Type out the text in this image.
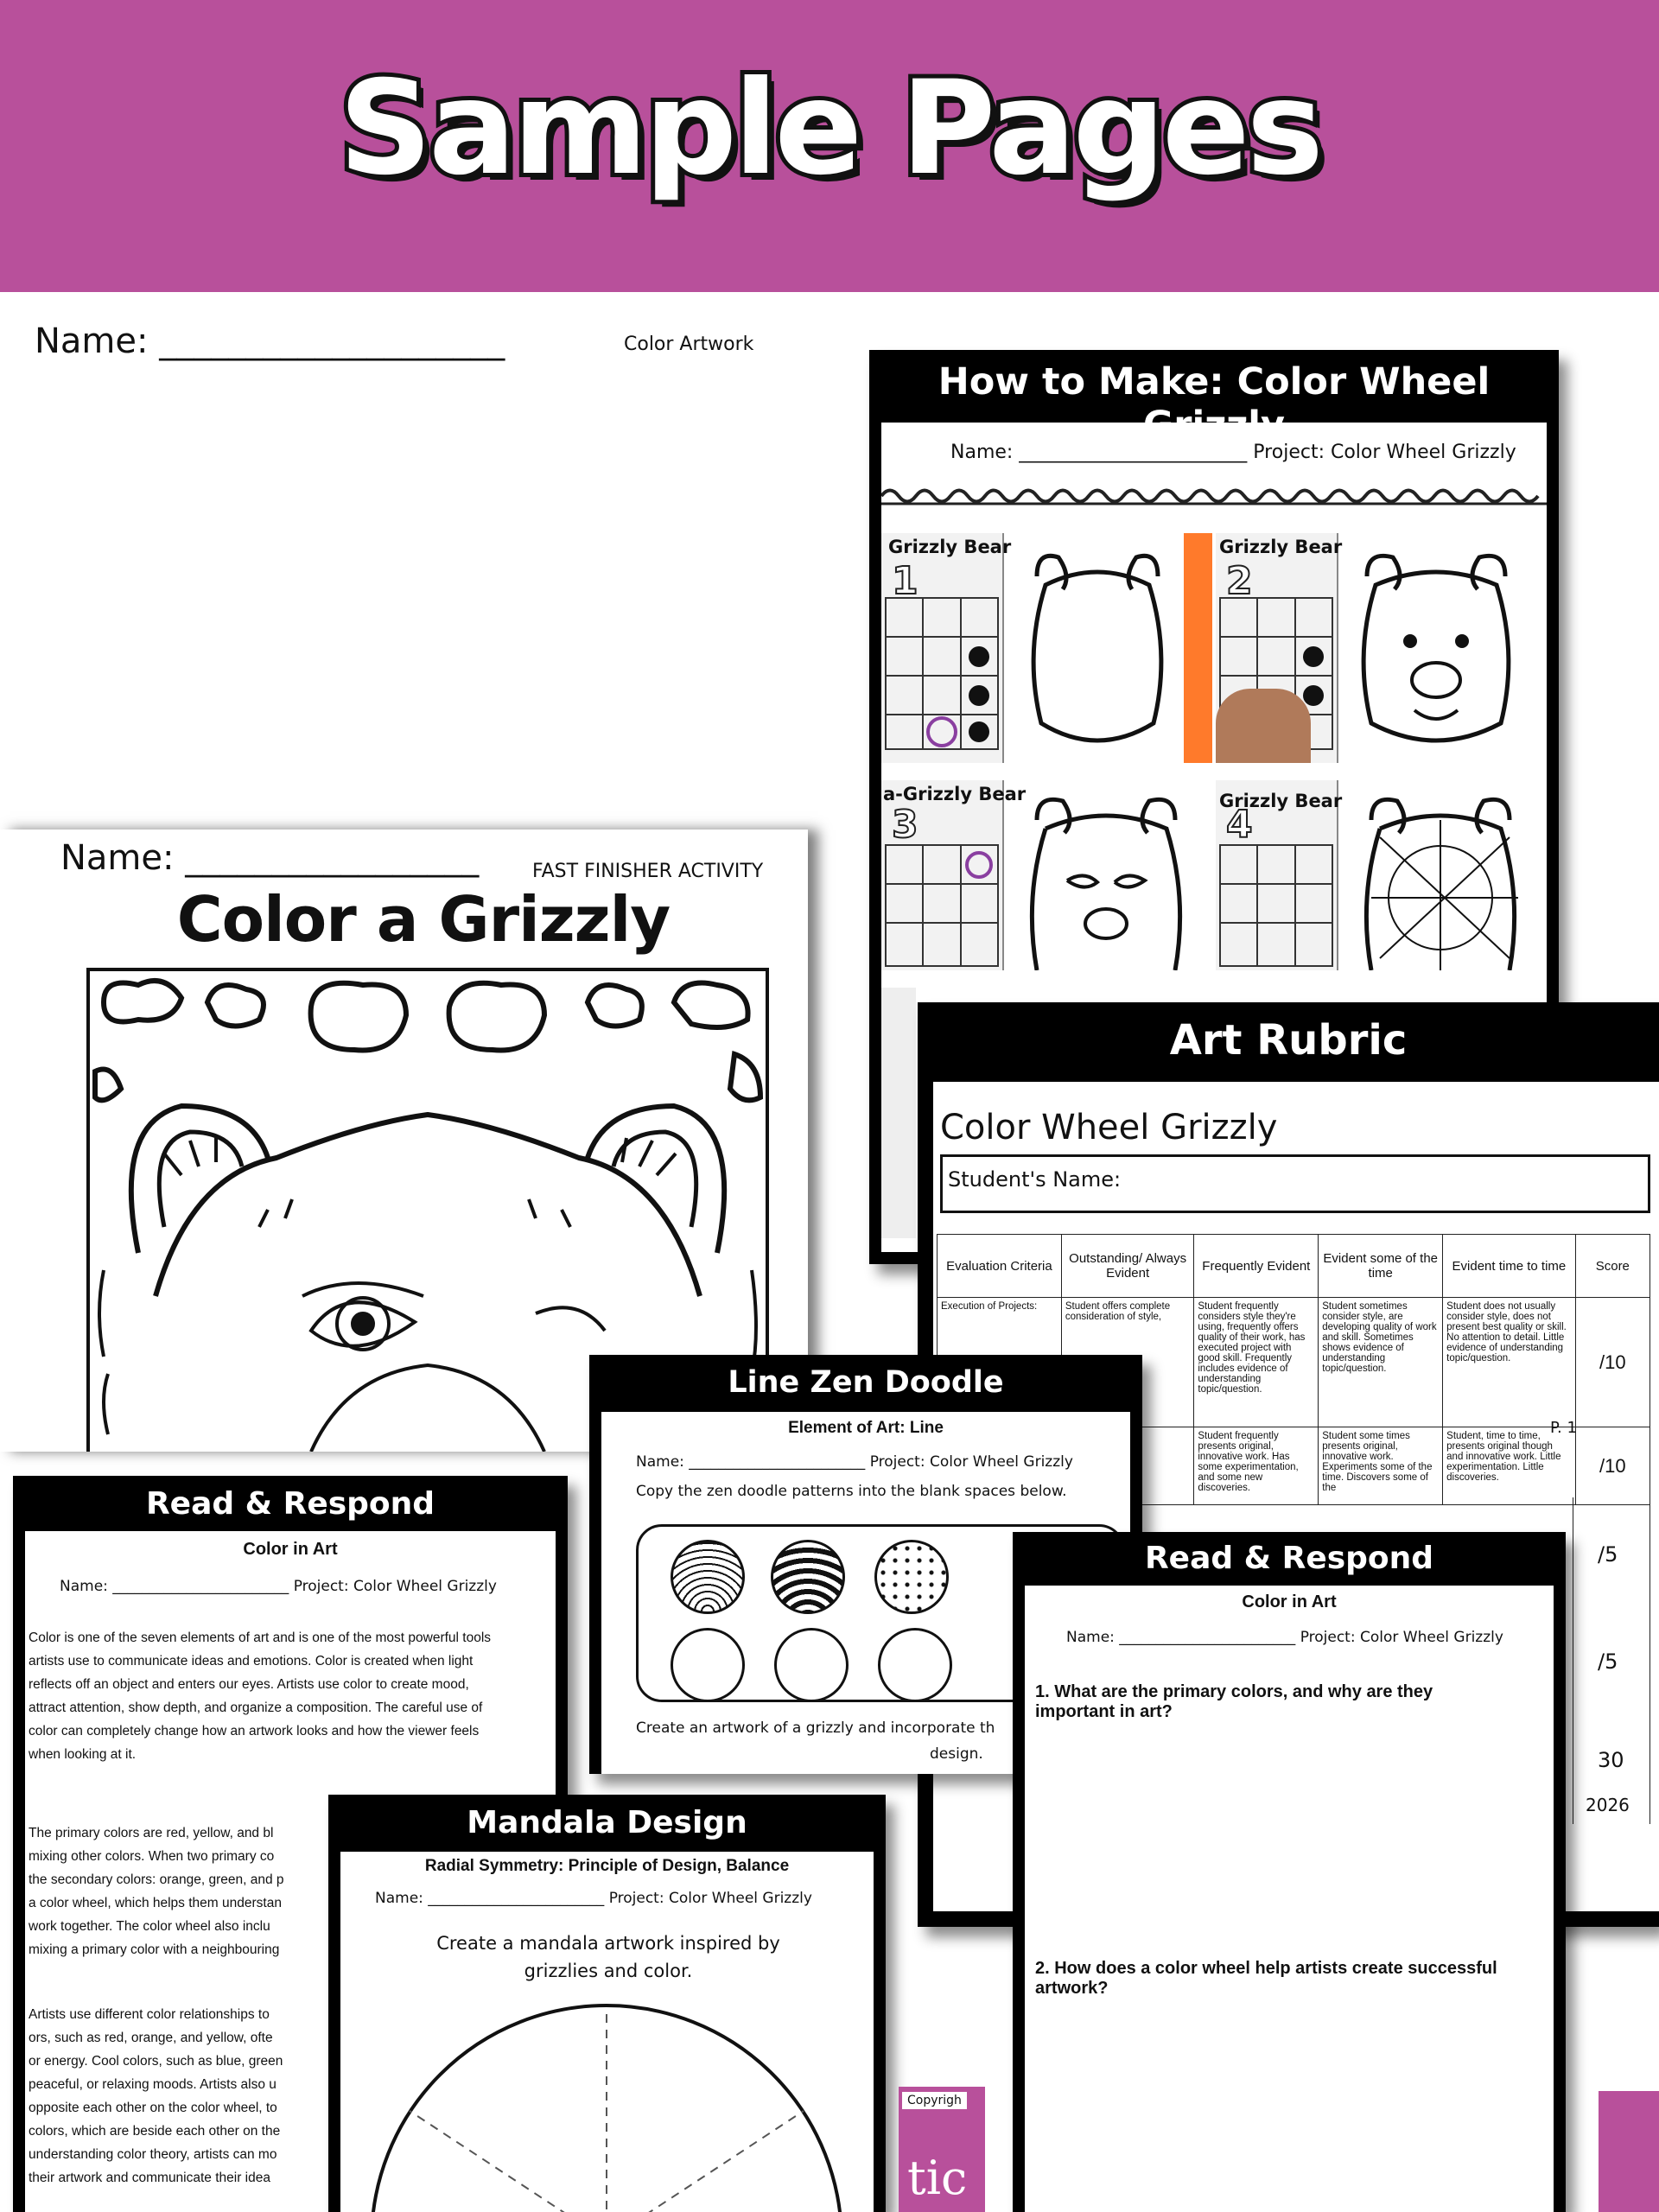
Sample Pages
Name: ____________________	Color Artwork
How to Make: Color Wheel
Name: ________________________ Project: Color Wheel Grizzly
Grizzly Bear
1
Grizzly Bear
2
a-Grizzly Bear
3
Grizzly Bear
4
Name: _________________	FAST FINISHER ACTIVITY
Color a Grizzly
Art Rubric
Color Wheel Grizzly
Student's Name:
Evaluation Criteria	Outstanding/ Always Evident	Frequently Evident	Evident some of the time	Evident time to time	Score
Execution of Projects:	Student offers complete consideration of style,	Student frequently considers style they're using, frequently offers quality of their work, has executed project with good skill. Frequently includes evidence of understanding topic/question.	Student sometimes consider style, are developing quality of work and skill. Sometimes shows evidence of understanding topic/question.	Student does not usually consider style, does not present best quality or skill. No attention to detail. Little evidence of understanding topic/question.	/10
		Student frequently presents original, innovative work. Has some experimentation, and some new discoveries.	Student some times presents original, innovative work. Experiments some of the time. Discovers some of the	Student, time to time, presents original though and innovative work. Little experimentation. Little discoveries.	/10
/5
/5
30
2026
P. 1
Line Zen Doodle
Element of Art: Line
Name: ________________________ Project: Color Wheel Grizzly
Copy the zen doodle patterns into the blank spaces below.
Create an artwork of a grizzly and incorporate th
design.
Read & Respond
Color in Art
Name: ________________________ Project: Color Wheel Grizzly
Color is one of the seven elements of art and is one of the most powerful tools
artists use to communicate ideas and emotions. Color is created when light
reflects off an object and enters our eyes. Artists use color to create mood,
attract attention, show depth, and organize a composition. The careful use of
color can completely change how an artwork looks and how the viewer feels
when looking at it.
The primary colors are red, yellow, and bl
mixing other colors. When two primary co
the secondary colors: orange, green, and p
a color wheel, which helps them understan
work together. The color wheel also inclu
mixing a primary color with a neighbouring
Artists use different color relationships to
ors, such as red, orange, and yellow, ofte
or energy. Cool colors, such as blue, green
peaceful, or relaxing moods. Artists also u
opposite each other on the color wheel, to
colors, which are beside each other on the
understanding color theory, artists can mo
their artwork and communicate their idea
Read & Respond
Color in Art
Name: ________________________ Project: Color Wheel Grizzly
1. What are the primary colors, and why are they important in art?
2. How does a color wheel help artists create successful artwork?
Mandala Design
Radial Symmetry: Principle of Design, Balance
Name: ________________________ Project: Color Wheel Grizzly
Create a mandala artwork inspired by grizzlies and color.
Copyrigh
tic
